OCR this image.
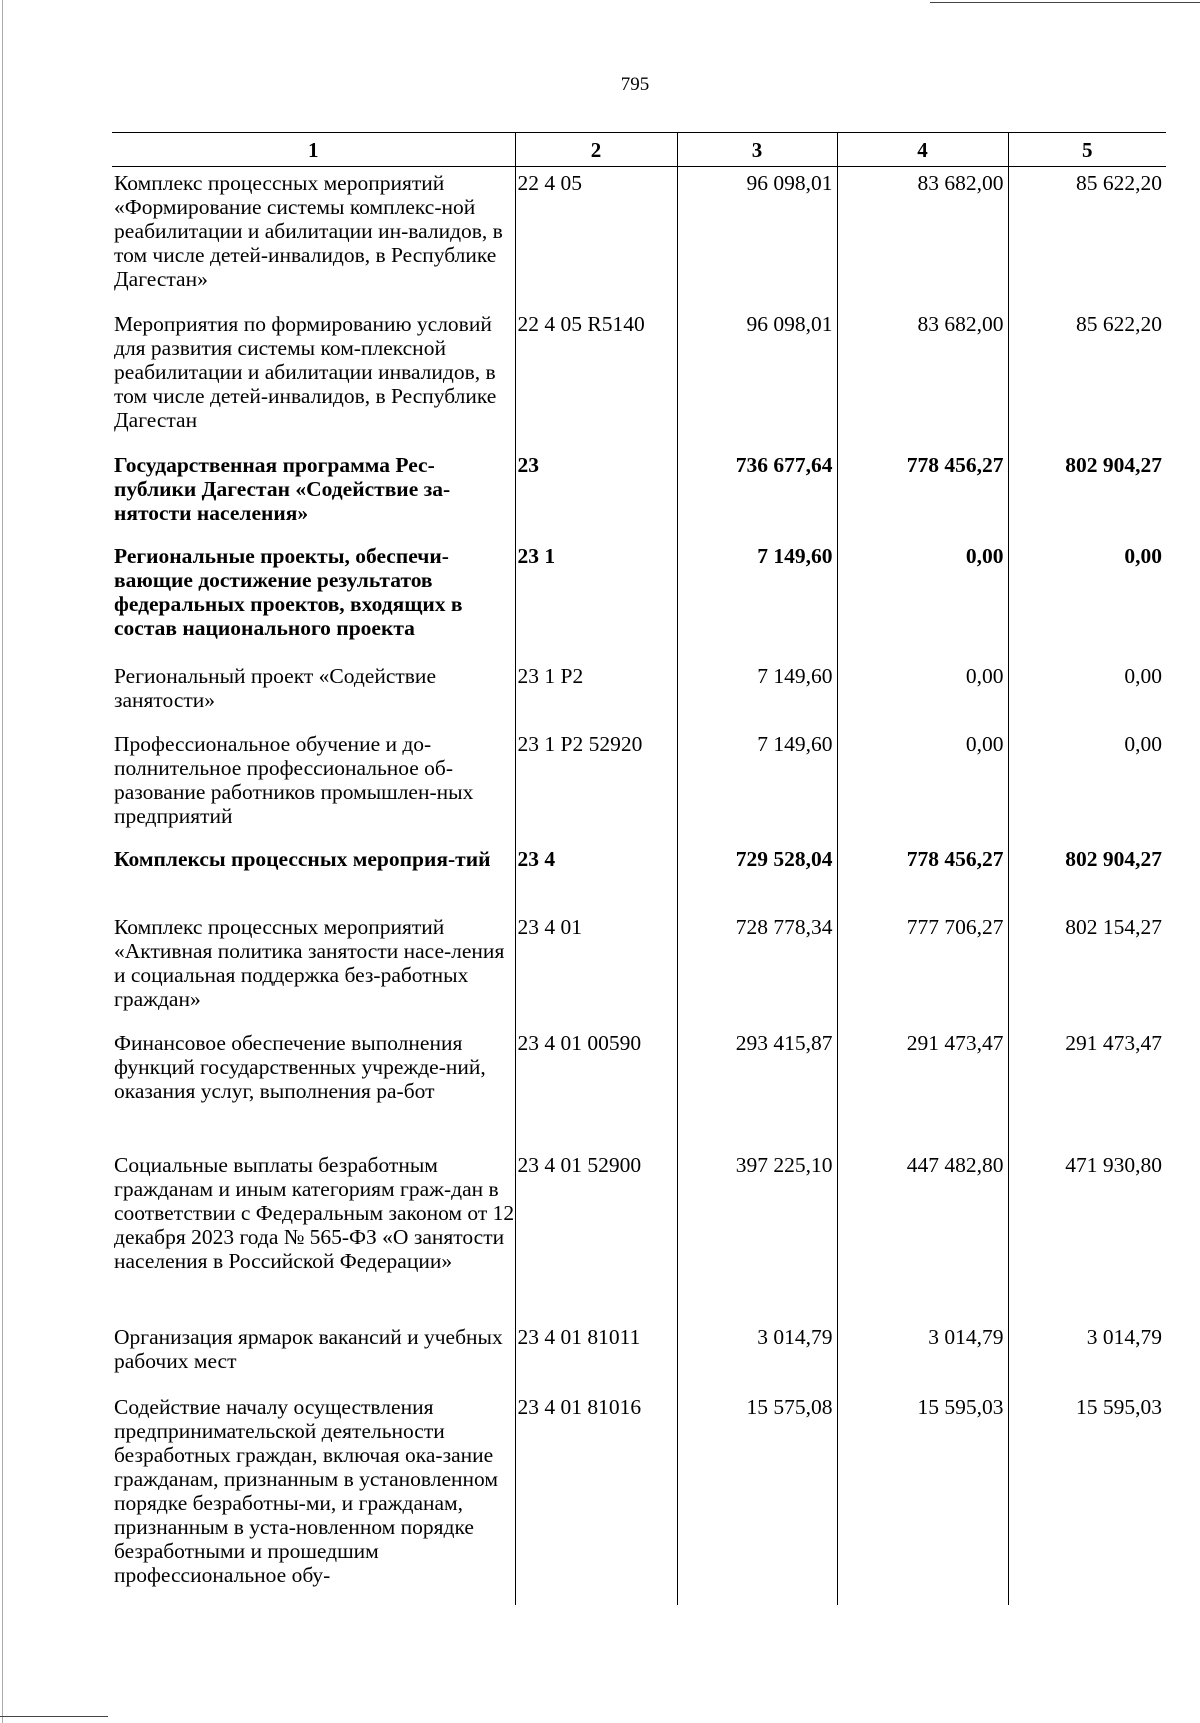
795
1	2	3	4	5
Комплекс процессных мероприятий «Формирование системы комплекс-ной реабилитации и абилитации ин-валидов, в том числе детей-инвалидов, в Республике Дагестан»	22 4 05	96 098,01	83 682,00	85 622,20
Мероприятия по формированию условий для развития системы ком-плексной реабилитации и абилитации инвалидов, в том числе детей-инвалидов, в Республике Дагестан	22 4 05 R5140	96 098,01	83 682,00	85 622,20
Государственная программа Рес-публики Дагестан «Содействие за-нятости населения»	23	736 677,64	778 456,27	802 904,27
Региональные проекты, обеспечи-вающие достижение результатов федеральных проектов, входящих в состав национального проекта	23 1	7 149,60	0,00	0,00
Региональный проект «Содействие занятости»	23 1 Р2	7 149,60	0,00	0,00
Профессиональное обучение и до-полнительное профессиональное об-разование работников промышлен-ных предприятий	23 1 Р2 52920	7 149,60	0,00	0,00
Комплексы процессных мероприя-тий	23 4	729 528,04	778 456,27	802 904,27
Комплекс процессных мероприятий «Активная политика занятости насе-ления и социальная поддержка без-работных граждан»	23 4 01	728 778,34	777 706,27	802 154,27
Финансовое обеспечение выполнения функций государственных учрежде-ний, оказания услуг, выполнения ра-бот	23 4 01 00590	293 415,87	291 473,47	291 473,47
Социальные выплаты безработным гражданам и иным категориям граж-дан в соответствии с Федеральным законом от 12 декабря 2023 года № 565-ФЗ «О занятости населения в Российской Федерации»	23 4 01 52900	397 225,10	447 482,80	471 930,80
Организация ярмарок вакансий и учебных рабочих мест	23 4 01 81011	3 014,79	3 014,79	3 014,79
Содействие началу осуществления предпринимательской деятельности безработных граждан, включая ока-зание гражданам, признанным в установленном порядке безработны-ми, и гражданам, признанным в уста-новленном порядке безработными и прошедшим профессиональное обу-	23 4 01 81016	15 575,08	15 595,03	15 595,03
